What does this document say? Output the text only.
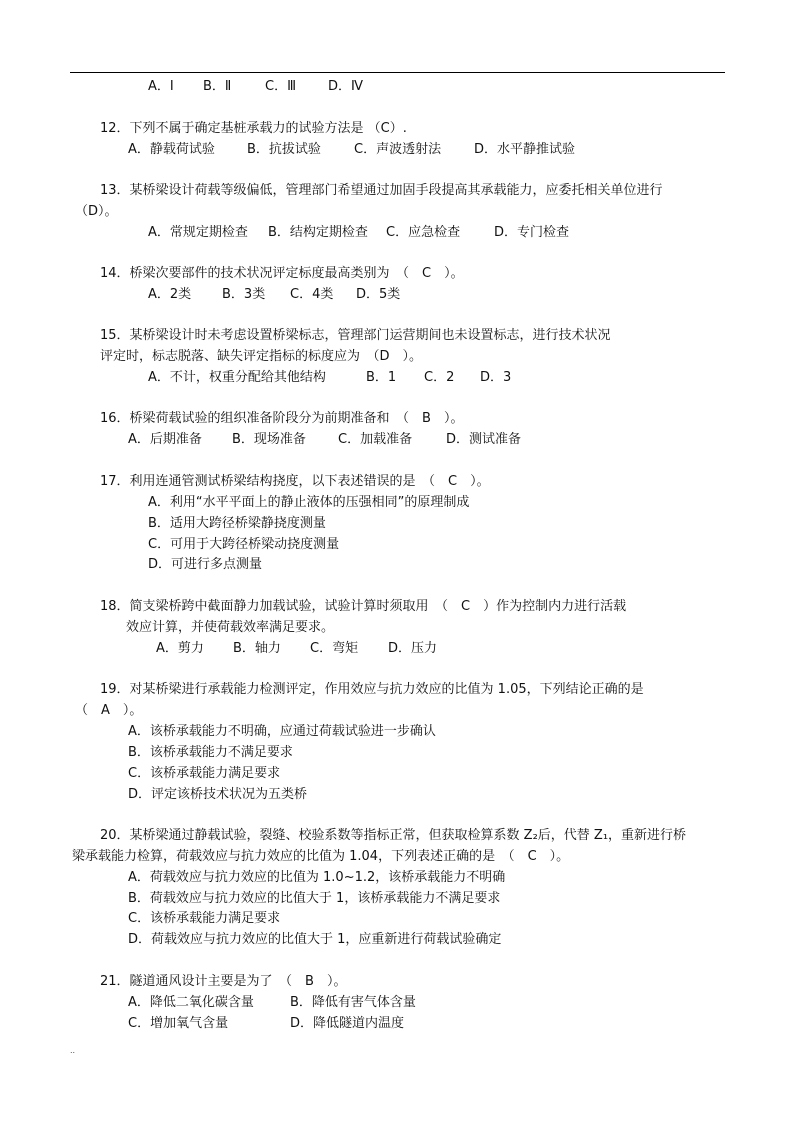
A．Ⅰ B．Ⅱ	C．Ⅲ D．Ⅳ
12．下列不属于确定基桩承载力的试验方法是 （C）.
A．静载荷试验 B．抗拔试验	C．声波透射法	D．水平静推试验
13．某桥梁设计荷载等级偏低，管理部门希望通过加固手段提高其承载能力，应委托相关单位进行
（D）。
A．常规定期检查 B．结构定期检查 C．应急检查	D．专门检查
14．桥梁次要部件的技术状况评定标度最高类别为　（　C　）。
A．2类 B．3类 C．4类 D．5类
15．某桥梁设计时未考虑设置桥梁标志，管理部门运营期间也未设置标志，进行技术状况
评定时，标志脱落、缺失评定指标的标度应为　（D　）。
A．不计，权重分配给其他结构	B．1 C．2 D．3
16．桥梁荷载试验的组织准备阶段分为前期准备和　（　B　）。
A．后期准备 B．现场准备 C．加载准备	D．测试准备
17．利用连通管测试桥梁结构挠度，以下表述错误的是　（　C　）。
A．利用“水平平面上的静止液体的压强相同”的原理制成
B．适用大跨径桥梁静挠度测量
C．可用于大跨径桥梁动挠度测量
D．可进行多点测量
18．简支梁桥跨中截面静力加载试验，试验计算时须取用　（　C　）作为控制内力进行活载
效应计算，并使荷载效率满足要求。
A．剪力 B．轴力 C．弯矩 D．压力
19．对某桥梁进行承载能力检测评定，作用效应与抗力效应的比值为 1.05，下列结论正确的是
（　A　）。
A．该桥承载能力不明确，应通过荷载试验进一步确认
B．该桥承载能力不满足要求
C．该桥承载能力满足要求
D．评定该桥技术状况为五类桥
20．某桥梁通过静载试验，裂缝、校验系数等指标正常，但获取检算系数 Z₂后，代替 Z₁，重新进行桥
梁承载能力检算，荷载效应与抗力效应的比值为 1.04，下列表述正确的是　（　C　）。
A．荷载效应与抗力效应的比值为 1.0~1.2，该桥承载能力不明确
B．荷载效应与抗力效应的比值大于 1，该桥承载能力不满足要求
C．该桥承载能力满足要求
D．荷载效应与抗力效应的比值大于 1，应重新进行荷载试验确定
21．隧道通风设计主要是为了　（　B　）。
A．降低二氧化碳含量	B．降低有害气体含量
C．增加氧气含量	D．降低隧道内温度
..
